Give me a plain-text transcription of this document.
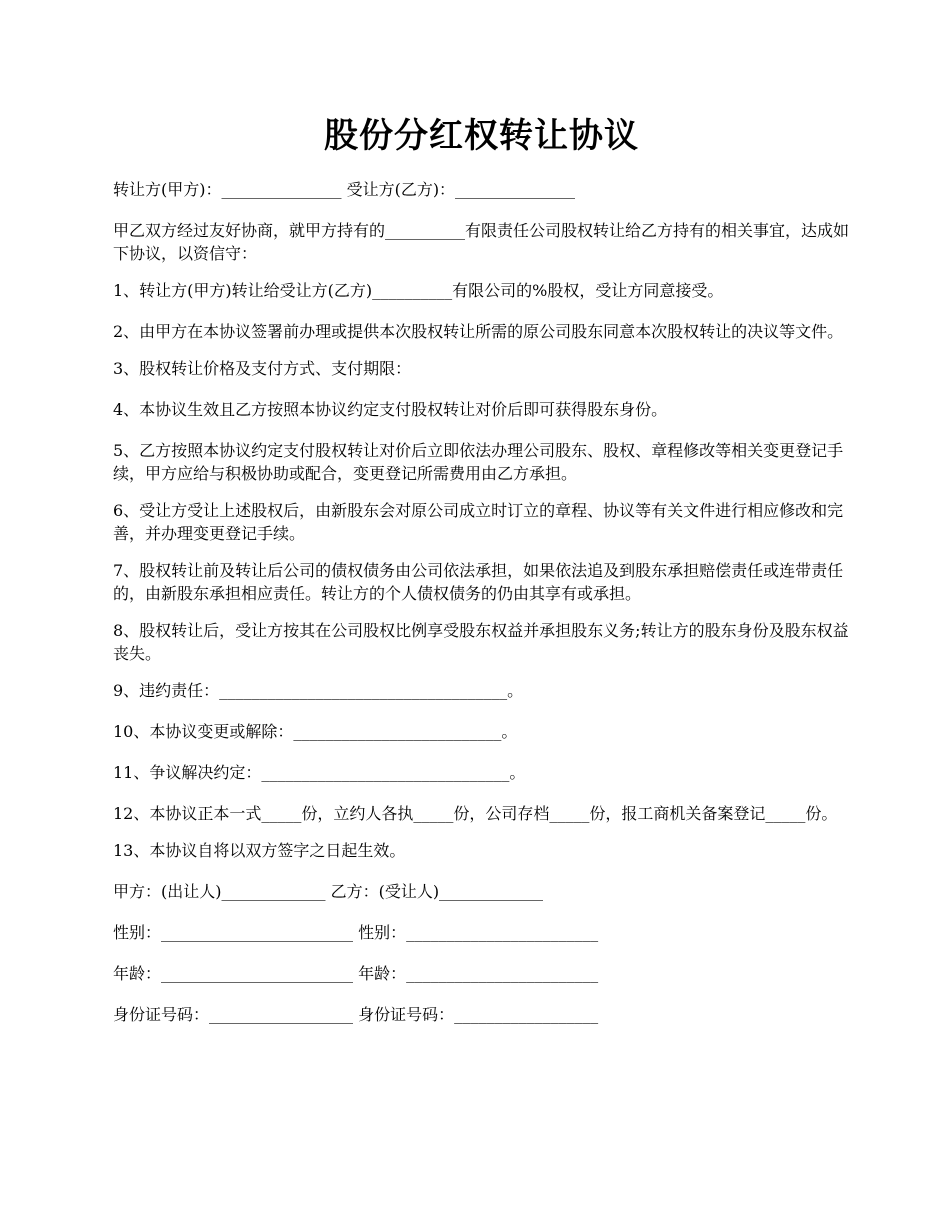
股份分红权转让协议

转让方(甲方)：_______________ 受让方(乙方)：_______________

甲乙双方经过友好协商，就甲方持有的__________有限责任公司股权转让给乙方持有的相关事宜，达成如下协议，以资信守：

1、转让方(甲方)转让给受让方(乙方)__________有限公司的%股权，受让方同意接受。

2、由甲方在本协议签署前办理或提供本次股权转让所需的原公司股东同意本次股权转让的决议等文件。

3、股权转让价格及支付方式、支付期限：

4、本协议生效且乙方按照本协议约定支付股权转让对价后即可获得股东身份。

5、乙方按照本协议约定支付股权转让对价后立即依法办理公司股东、股权、章程修改等相关变更登记手续，甲方应给与积极协助或配合，变更登记所需费用由乙方承担。

6、受让方受让上述股权后，由新股东会对原公司成立时订立的章程、协议等有关文件进行相应修改和完善，并办理变更登记手续。

7、股权转让前及转让后公司的债权债务由公司依法承担，如果依法追及到股东承担赔偿责任或连带责任的，由新股东承担相应责任。转让方的个人债权债务的仍由其享有或承担。

8、股权转让后，受让方按其在公司股权比例享受股东权益并承担股东义务;转让方的股东身份及股东权益丧失。

9、违约责任：____________________________________。

10、本协议变更或解除：__________________________。

11、争议解决约定：_______________________________。

12、本协议正本一式_____份，立约人各执_____份，公司存档_____份，报工商机关备案登记_____份。

13、本协议自将以双方签字之日起生效。

甲方：(出让人)_____________ 乙方：(受让人)_____________

性别：________________________ 性别：________________________

年龄：________________________ 年龄：________________________

身份证号码：__________________ 身份证号码：__________________
